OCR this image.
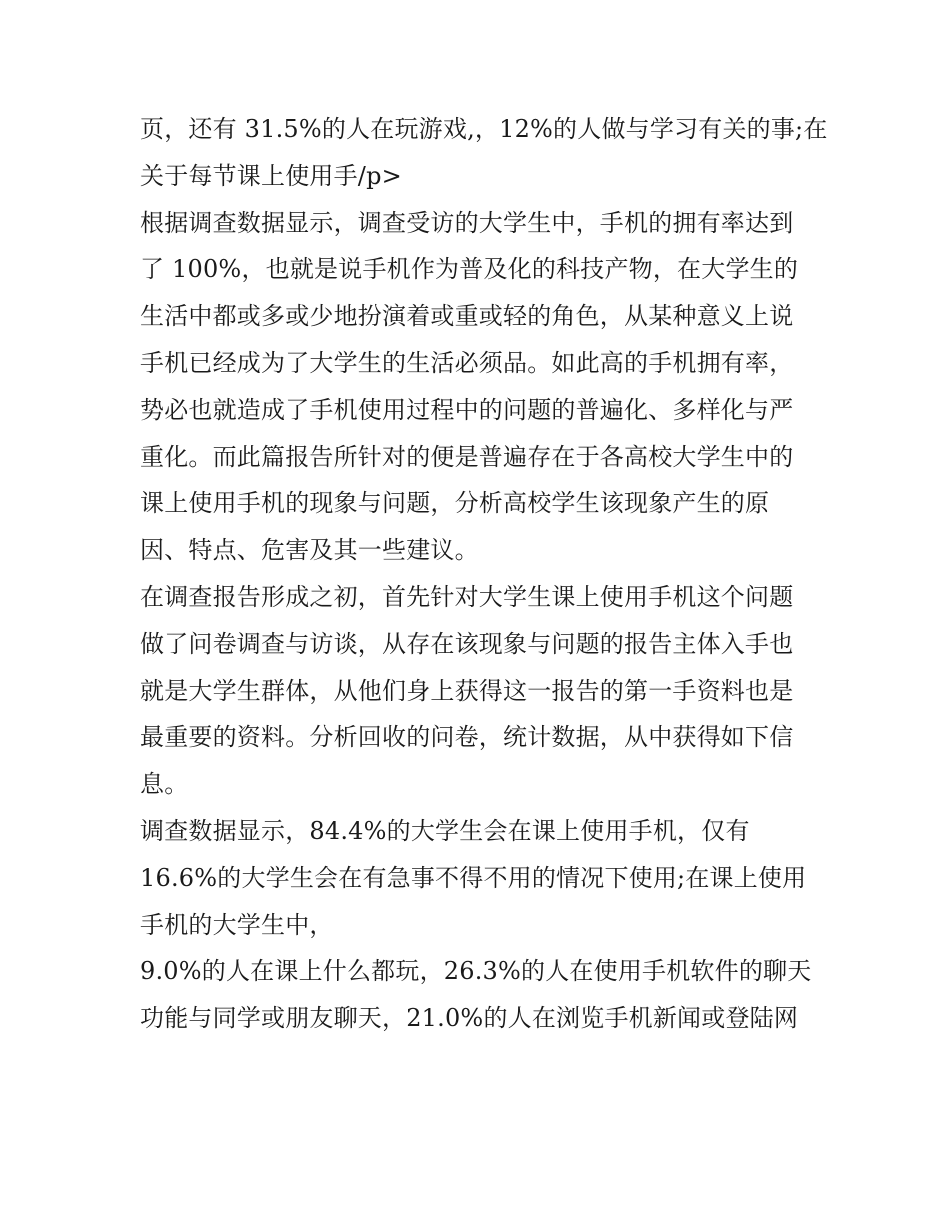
页，还有 31.5%的人在玩游戏,，12%的人做与学习有关的事;在
关于每节课上使用手/p>
根据调查数据显示，调查受访的大学生中，手机的拥有率达到
了 100%，也就是说手机作为普及化的科技产物，在大学生的
生活中都或多或少地扮演着或重或轻的角色，从某种意义上说
手机已经成为了大学生的生活必须品。如此高的手机拥有率，
势必也就造成了手机使用过程中的问题的普遍化、多样化与严
重化。而此篇报告所针对的便是普遍存在于各高校大学生中的
课上使用手机的现象与问题，分析高校学生该现象产生的原
因、特点、危害及其一些建议。
在调查报告形成之初，首先针对大学生课上使用手机这个问题
做了问卷调查与访谈，从存在该现象与问题的报告主体入手也
就是大学生群体，从他们身上获得这一报告的第一手资料也是
最重要的资料。分析回收的问卷，统计数据，从中获得如下信
息。
调查数据显示，84.4%的大学生会在课上使用手机，仅有
16.6%的大学生会在有急事不得不用的情况下使用;在课上使用
手机的大学生中，
9.0%的人在课上什么都玩，26.3%的人在使用手机软件的聊天
功能与同学或朋友聊天，21.0%的人在浏览手机新闻或登陆网
